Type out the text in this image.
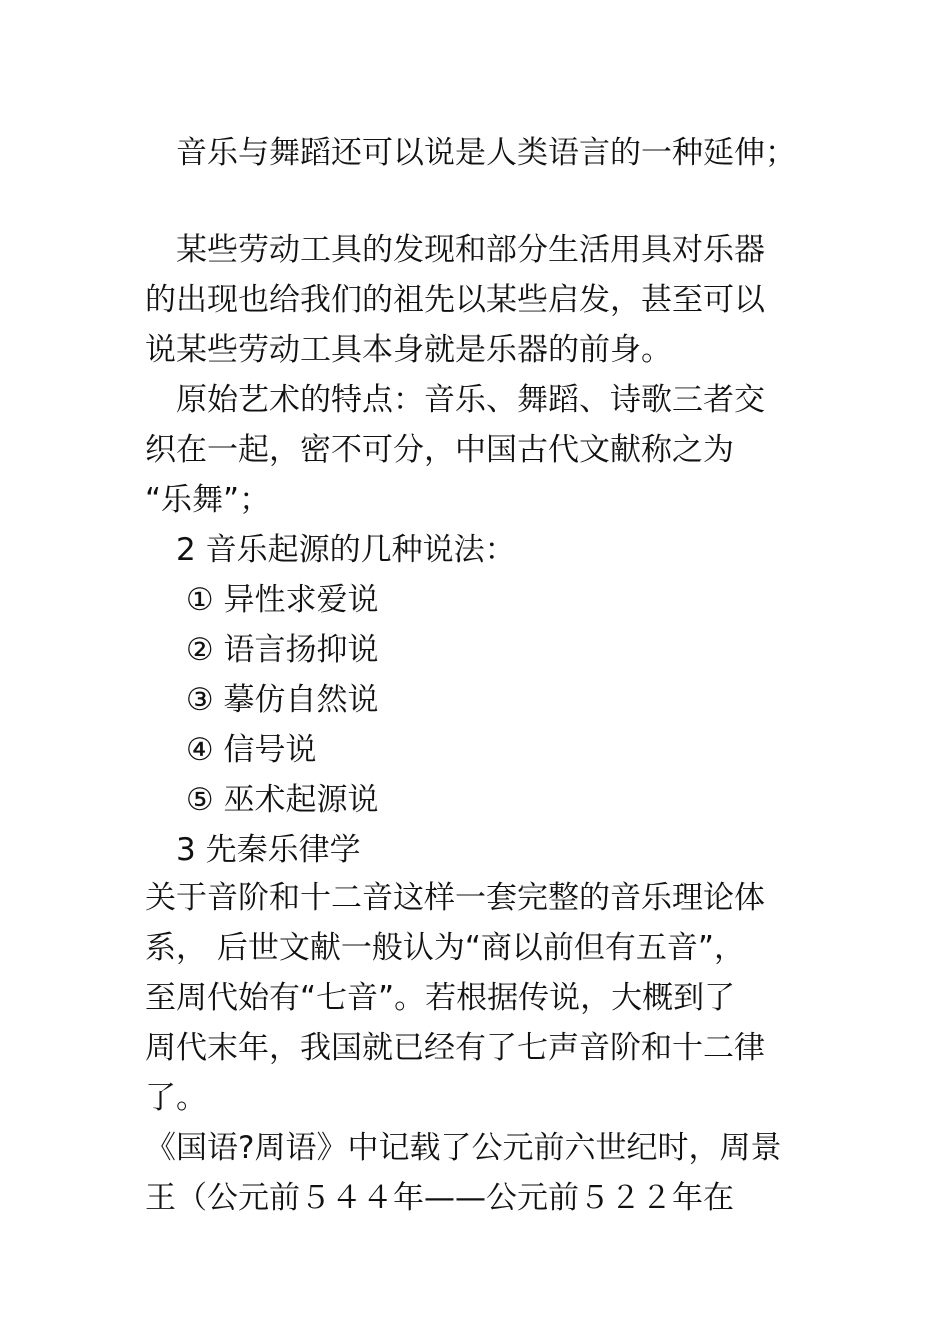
　音乐与舞蹈还可以说是人类语言的一种延伸；
　某些劳动工具的发现和部分生活用具对乐器
的出现也给我们的祖先以某些启发，甚至可以
说某些劳动工具本身就是乐器的前身。
　原始艺术的特点：音乐、舞蹈、诗歌三者交
织在一起，密不可分，中国古代文献称之为
“乐舞”；
　2 音乐起源的几种说法：
　 ① 异性求爱说
　 ② 语言扬抑说
　 ③ 摹仿自然说
　 ④ 信号说
　 ⑤ 巫术起源说
　3 先秦乐律学
关于音阶和十二音这样一套完整的音乐理论体
系， 后世文献一般认为“商以前但有五音”，
至周代始有“七音”。若根据传说，大概到了
周代末年，我国就已经有了七声音阶和十二律
了。
《国语?周语》中记载了公元前六世纪时，周景
王（公元前５４４年——公元前５２２年在
